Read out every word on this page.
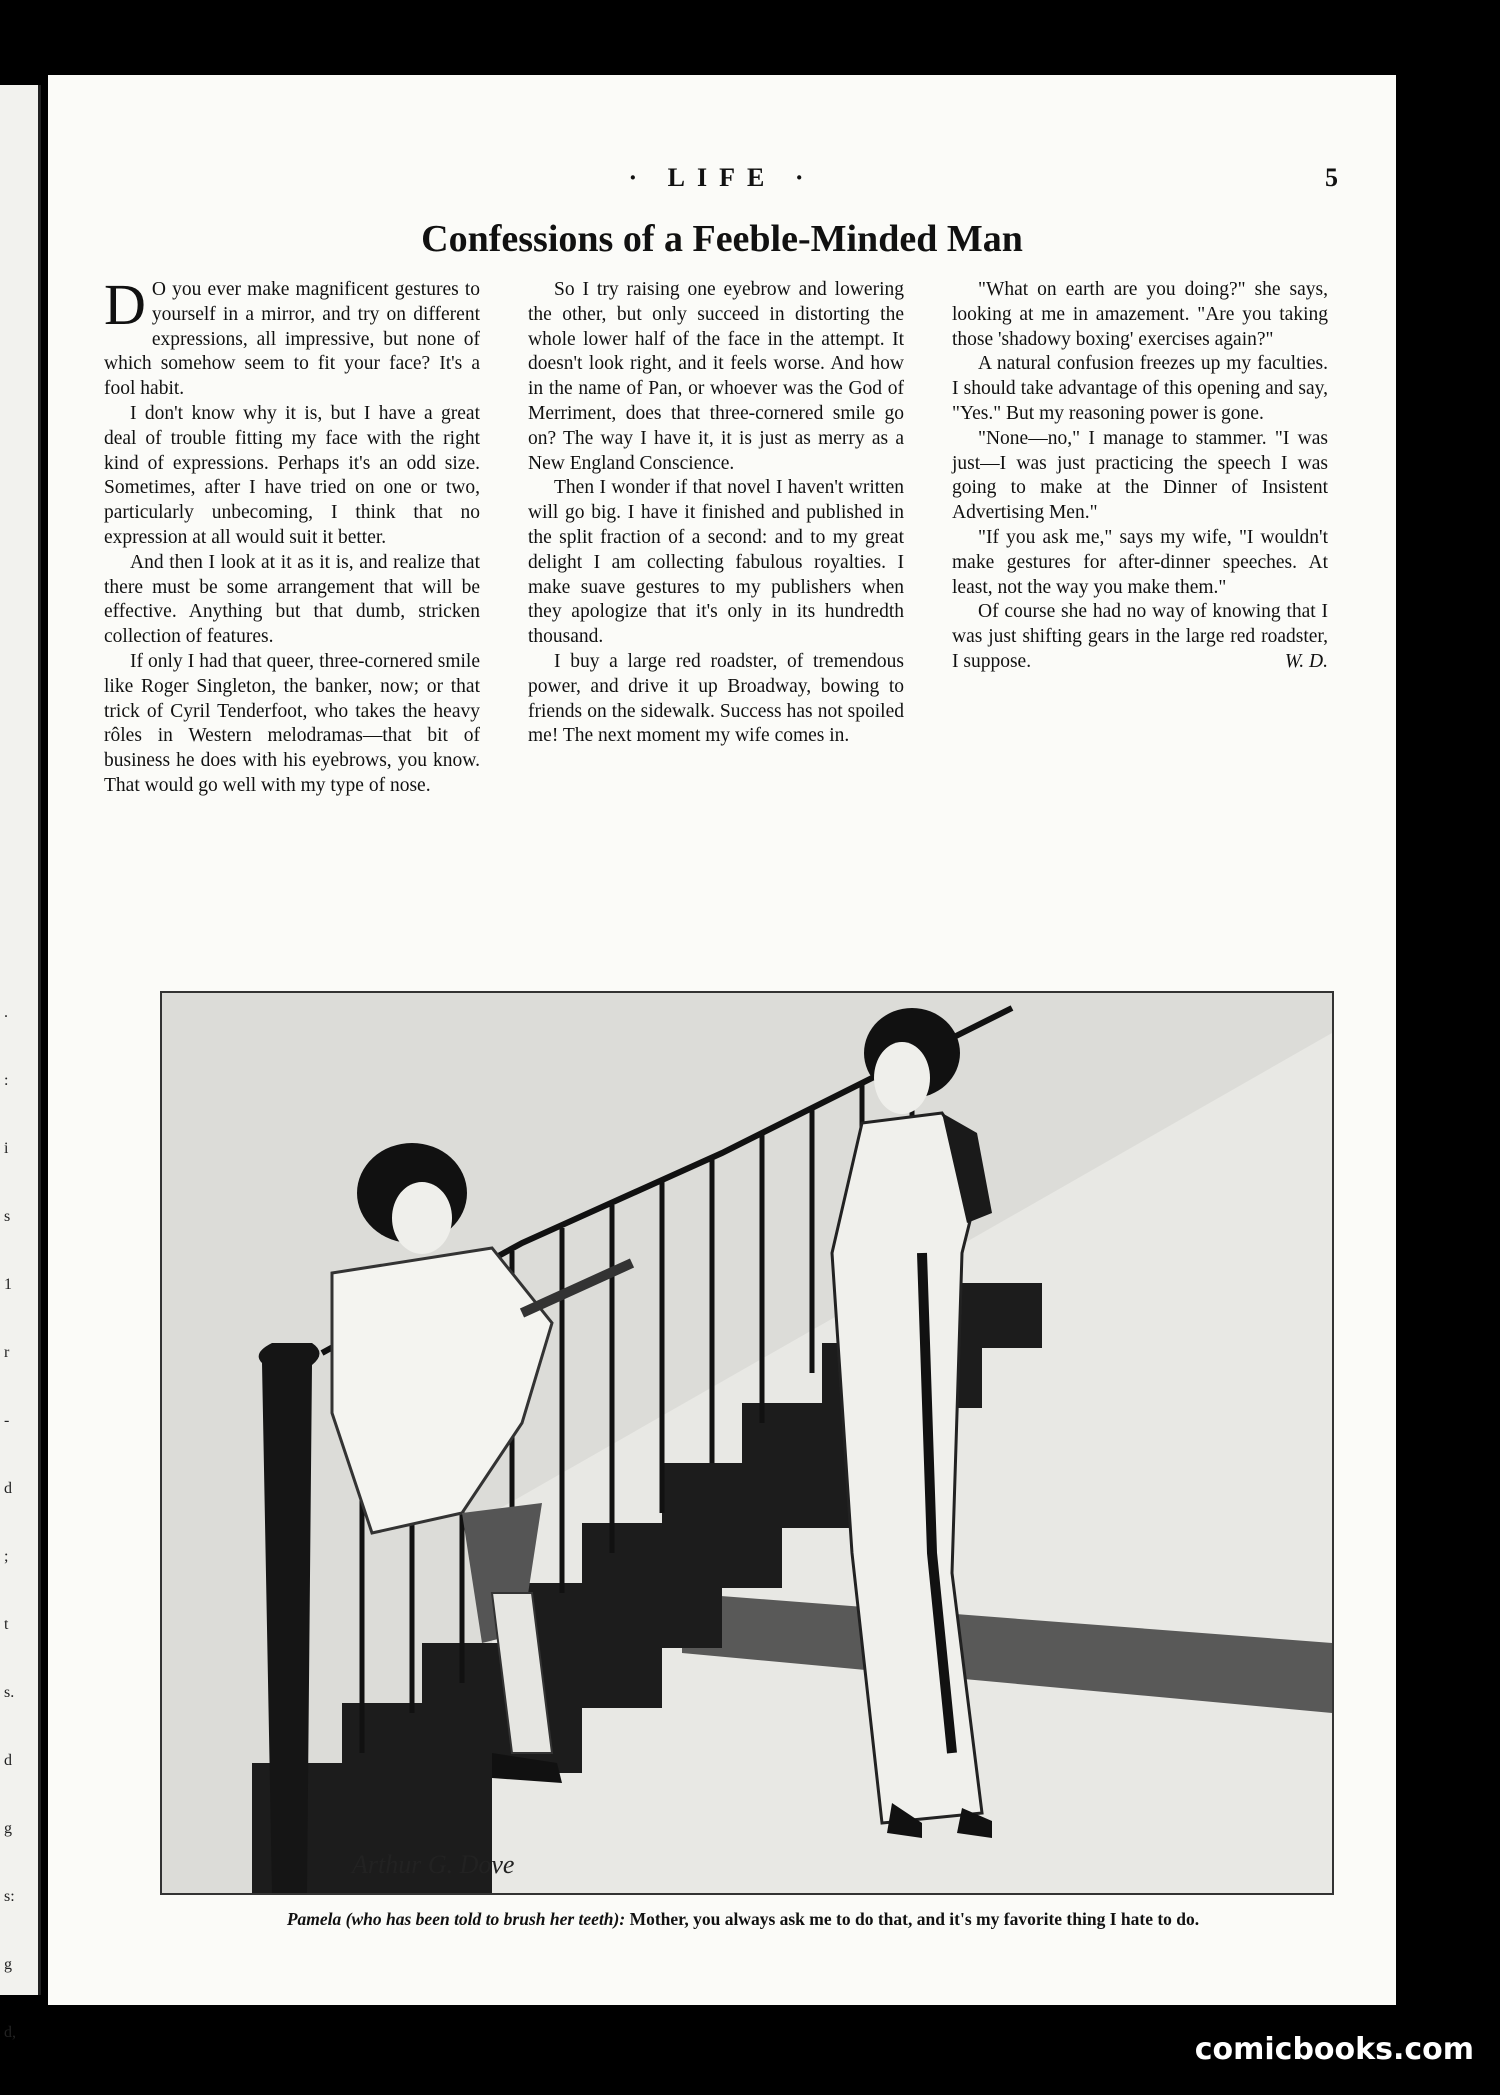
.
:
i
s
1
r
-
d
;
t
s.
d
g
s:
g
d,
· LIFE ·	5
Confessions of a Feeble-Minded Man

D O you ever make magnificent gestures to yourself in a mirror, and try on different expressions, all impressive, but none of which somehow seem to fit your face? It's a fool habit.

I don't know why it is, but I have a great deal of trouble fitting my face with the right kind of expressions. Perhaps it's an odd size. Sometimes, after I have tried on one or two, particularly unbecoming, I think that no expression at all would suit it better.

And then I look at it as it is, and realize that there must be some arrangement that will be effective. Anything but that dumb, stricken collection of features.

If only I had that queer, three-cornered smile like Roger Singleton, the banker, now; or that trick of Cyril Tenderfoot, who takes the heavy rôles in Western melodramas—that bit of business he does with his eyebrows, you know. That would go well with my type of nose.

So I try raising one eyebrow and lowering the other, but only succeed in distorting the whole lower half of the face in the attempt. It doesn't look right, and it feels worse. And how in the name of Pan, or whoever was the God of Merriment, does that three-cornered smile go on? The way I have it, it is just as merry as a New England Conscience.

Then I wonder if that novel I haven't written will go big. I have it finished and published in the split fraction of a second: and to my great delight I am collecting fabulous royalties. I make suave gestures to my publishers when they apologize that it's only in its hundredth thousand.

I buy a large red roadster, of tremendous power, and drive it up Broadway, bowing to friends on the sidewalk. Success has not spoiled me! The next moment my wife comes in.

"What on earth are you doing?" she says, looking at me in amazement. "Are you taking those 'shadowy boxing' exercises again?"

A natural confusion freezes up my faculties. I should take advantage of this opening and say, "Yes." But my reasoning power is gone.

"None—no," I manage to stammer. "I was just—I was just practicing the speech I was going to make at the Dinner of Insistent Advertising Men."

"If you ask me," says my wife, "I wouldn't make gestures for after-dinner speeches. At least, not the way you make them."

Of course she had no way of knowing that I was just shifting gears in the large red roadster, I suppose.	W. D.

Arthur G. Dove
Pamela (who has been told to brush her teeth): Mother, you always ask me to do that, and it's my favorite thing I hate to do.
comicbooks.com
